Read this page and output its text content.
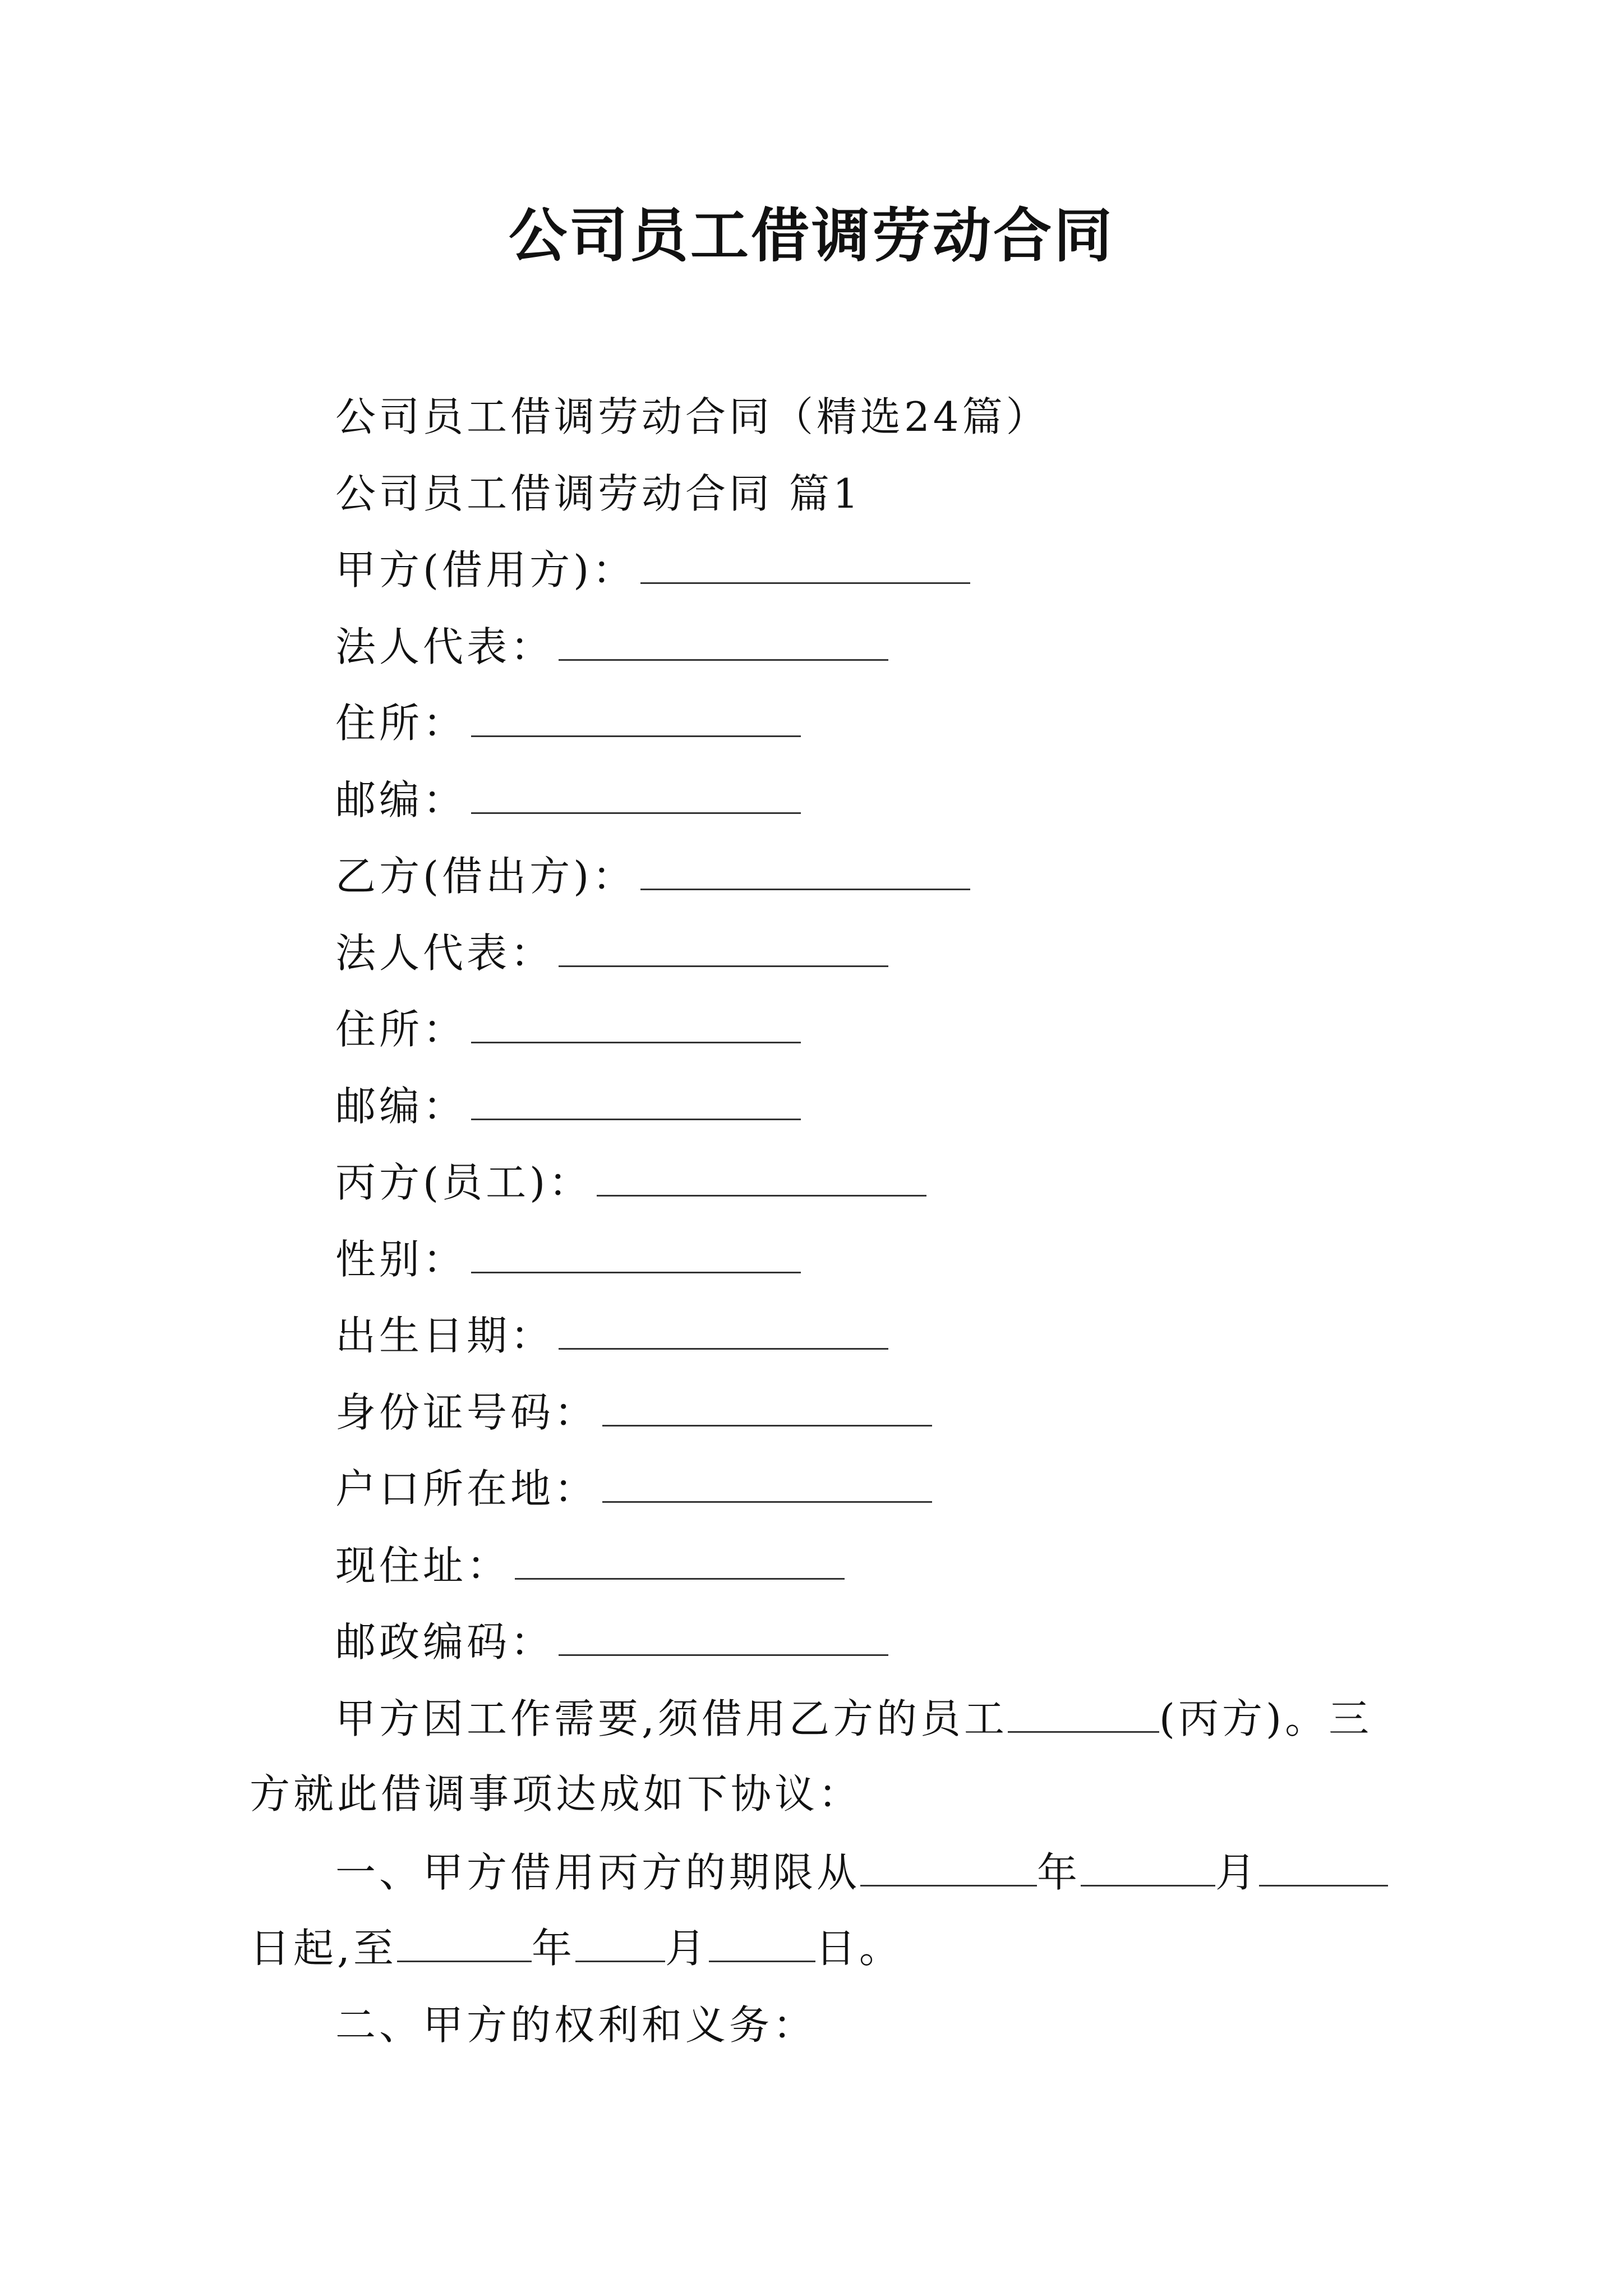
公司员工借调劳动合同
公司员工借调劳动合同（精选24篇）
公司员工借调劳动合同 篇1
甲方(借用方)：
法人代表：
住所：
邮编：
乙方(借出方)：
法人代表：
住所：
邮编：
丙方(员工)：
性别：
出生日期：
身份证号码：
户口所在地：
现住址：
邮政编码：
甲方因工作需要,须借用乙方的员工	(丙方)。三
方就此借调事项达成如下协议：
一、甲方借用丙方的期限从	年	月
日起,至	年 月	日。
二、甲方的权利和义务：
